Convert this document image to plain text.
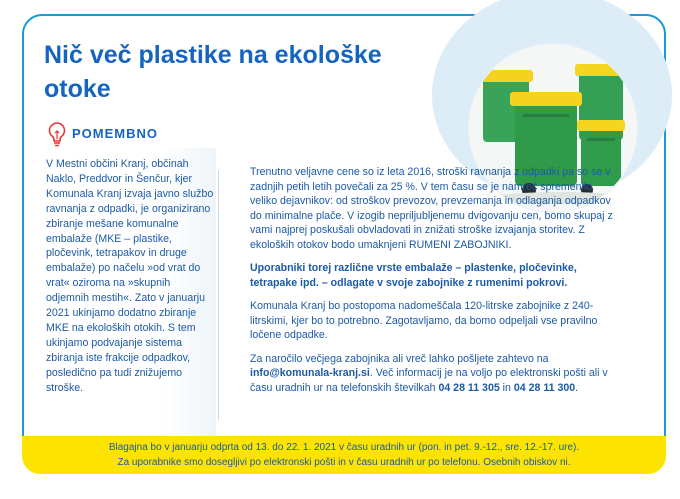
Nič več plastike na ekološke otoke
POMEMBNO

V Mestni občini Kranj, občinah Naklo, Preddvor in Šenčur, kjer Komunala Kranj izvaja javno službo ravnanja z odpadki, je organizirano zbiranje mešane komunalne embalaže (MKE – plastike, pločevink, tetrapakov in druge embalaže) po načelu »od vrat do vrat« oziroma na »skupnih odjemnih mestih«. Zato v januarju 2021 ukinjamo dodatno zbiranje MKE na ekoloških otokih. S tem ukinjamo podvajanje sistema zbiranja iste frakcije odpadkov, posledično pa tudi znižujemo stroške.

Trenutno veljavne cene so iz leta 2016, stroški ravnanja z odpadki pa so se v zadnjih petih letih povečali za 25 %. V tem času se je namreč spremenilo veliko dejavnikov: od stroškov prevozov, prevzemanja in odlaganja odpadkov do minimalne plače. V izogib nepriljubljenemu dvigovanju cen, bomo skupaj z vami najprej poskušali obvladovati in znižati stroške izvajanja storitev. Z ekoloških otokov bodo umaknjeni RUMENI ZABOJNIKI.

Uporabniki torej različne vrste embalaže – plastenke, pločevinke, tetrapake ipd. – odlagate v svoje zabojnike z rumenimi pokrovi.

Komunala Kranj bo postopoma nadomeščala 120-litrske zabojnike z 240-litrskimi, kjer bo to potrebno. Zagotavljamo, da bomo odpeljali vse pravilno ločene odpadke.

Za naročilo večjega zabojnika ali vreč lahko pošljete zahtevo na info@komunala-kranj.si. Več informacij je na voljo po elektronski pošti ali v času uradnih ur na telefonskih številkah 04 28 11 305 in 04 28 11 300.

Blagajna bo v januarju odprta od 13. do 22. 1. 2021 v času uradnih ur (pon. in pet. 9.-12., sre. 12.-17. ure).
Za uporabnike smo dosegljivi po elektronski pošti in v času uradnih ur po telefonu. Osebnih obiskov ni.
